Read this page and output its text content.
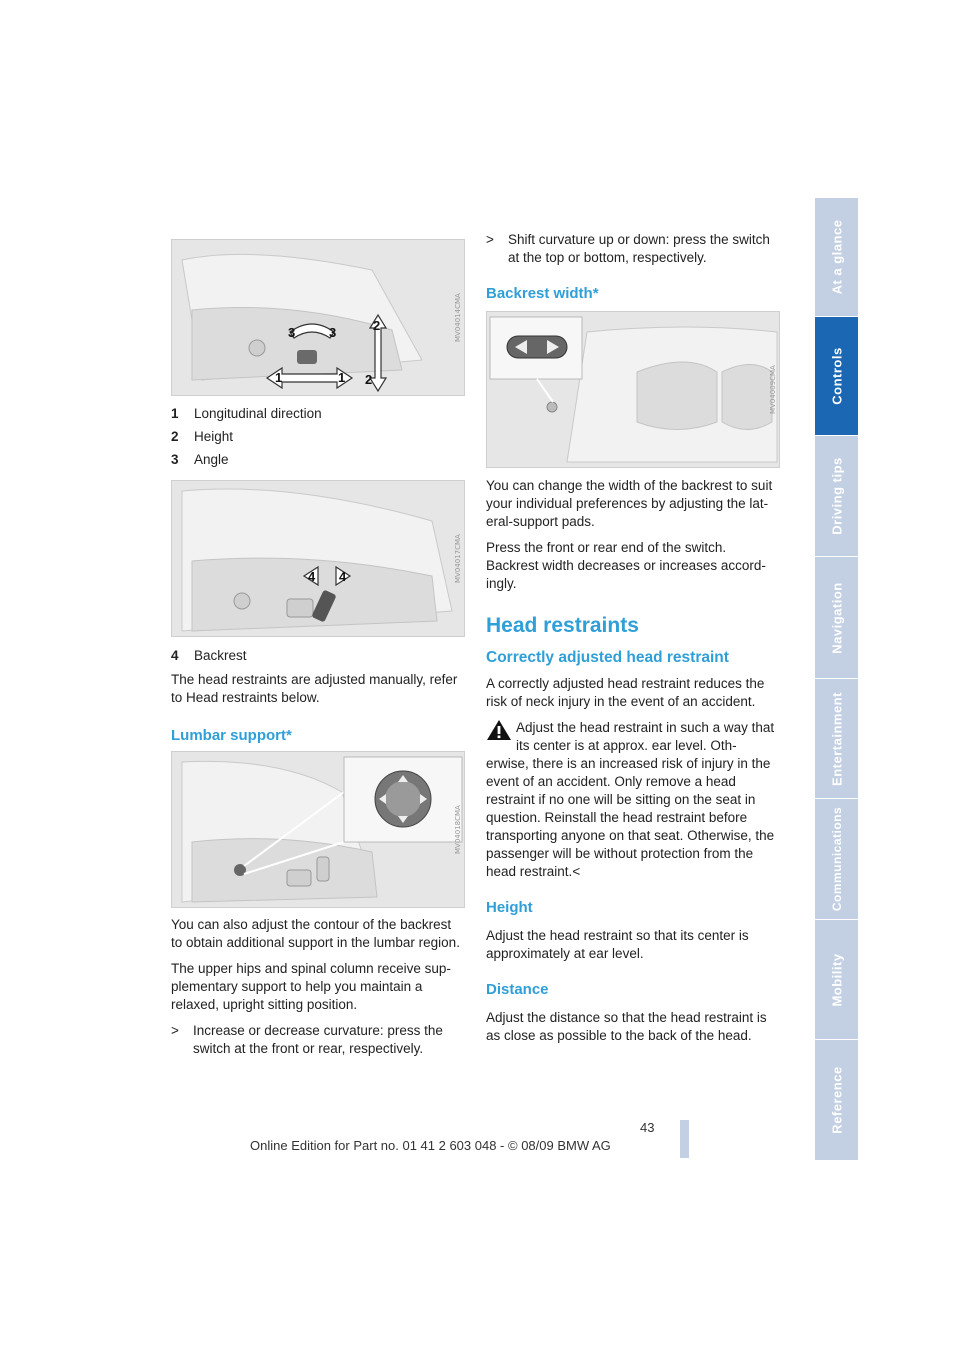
1	1
2
2
3	3	MV04014CMA
4 4	MV04017CMA
MV04018CMA
MV04009CMA
1 Longitudinal direction
2 Height
3 Angle
4 Backrest

The head restraints are adjusted manually, refer to Head restraints below.

Lumbar support*

You can also adjust the contour of the backrest to obtain additional support in the lumbar region.

The upper hips and spinal column receive sup-plementary support to help you maintain a relaxed, upright sitting position.

>	Increase or decrease curvature: press the switch at the front or rear, respectively.
>	Shift curvature up or down: press the switch at the top or bottom, respectively.
Backrest width*

You can change the width of the backrest to suit your individual preferences by adjusting the lat-eral-support pads.

Press the front or rear end of the switch. Backrest width decreases or increases accord-ingly.

Head restraints
Correctly adjusted head restraint

A correctly adjusted head restraint reduces the risk of neck injury in the event of an accident.

Adjust the head restraint in such a way that its center is at approx. ear level. Oth-

erwise, there is an increased risk of injury in the event of an accident. Only remove a head restraint if no one will be sitting on the seat in question. Reinstall the head restraint before transporting anyone on that seat. Otherwise, the passenger will be without protection from the head restraint.<

Height

Adjust the head restraint so that its center is approximately at ear level.

Distance

Adjust the distance so that the head restraint is as close as possible to the back of the head.

At a glance
Controls
Driving tips
Navigation
Entertainment
Communications
Mobility
Reference
43
Online Edition for Part no. 01 41 2 603 048 - © 08/09 BMW AG
